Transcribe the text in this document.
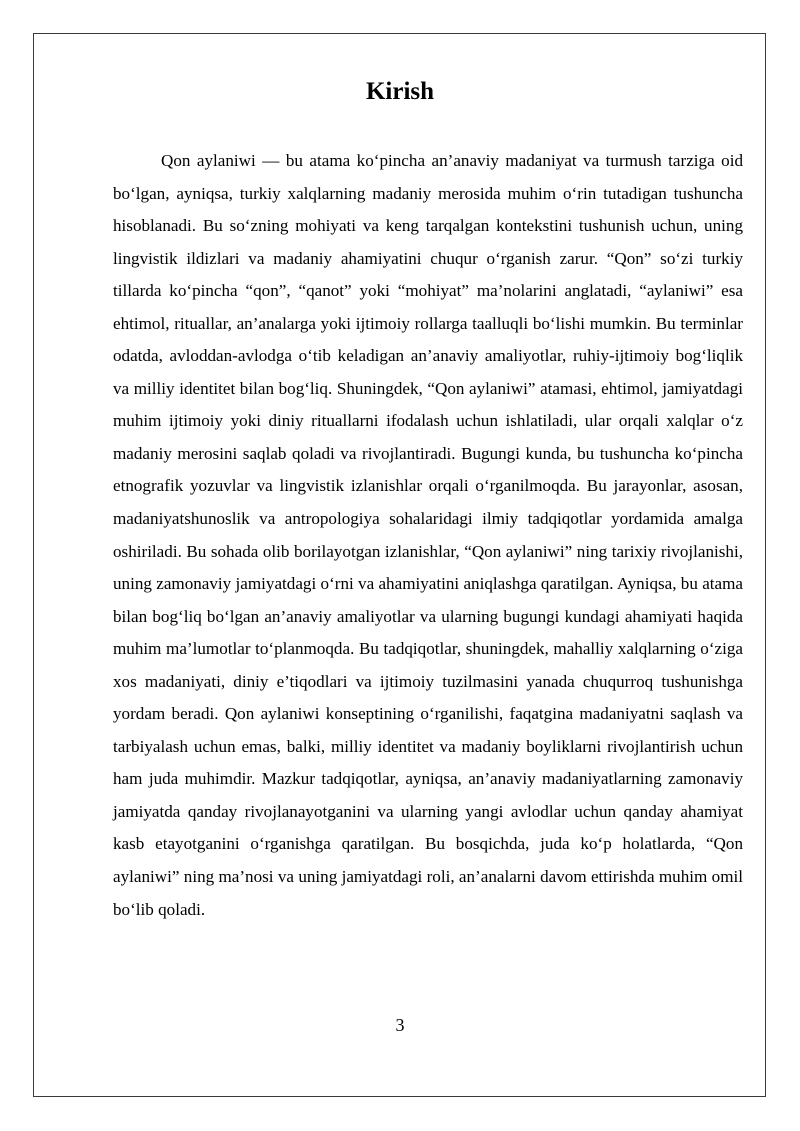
Kirish

Qon aylaniwi — bu atama ko‘pincha an’anaviy madaniyat va turmush tarziga oid bo‘lgan, ayniqsa, turkiy xalqlarning madaniy merosida muhim o‘rin tutadigan tushuncha hisoblanadi. Bu so‘zning mohiyati va keng tarqalgan kontekstini tushunish uchun, uning lingvistik ildizlari va madaniy ahamiyatini chuqur o‘rganish zarur. “Qon” so‘zi turkiy tillarda ko‘pincha “qon”, “qanot” yoki “mohiyat” ma’nolarini anglatadi, “aylaniwi” esa ehtimol, rituallar, an’analarga yoki ijtimoiy rollarga taalluqli bo‘lishi mumkin. Bu terminlar odatda, avloddan-avlodga o‘tib keladigan an’anaviy amaliyotlar, ruhiy-ijtimoiy bog‘liqlik va milliy identitet bilan bog‘liq. Shuningdek, “Qon aylaniwi” atamasi, ehtimol, jamiyatdagi muhim ijtimoiy yoki diniy rituallarni ifodalash uchun ishlatiladi, ular orqali xalqlar o‘z madaniy merosini saqlab qoladi va rivojlantiradi. Bugungi kunda, bu tushuncha ko‘pincha etnografik yozuvlar va lingvistik izlanishlar orqali o‘rganilmoqda. Bu jarayonlar, asosan, madaniyatshunoslik va antropologiya sohalaridagi ilmiy tadqiqotlar yordamida amalga oshiriladi. Bu sohada olib borilayotgan izlanishlar, “Qon aylaniwi” ning tarixiy rivojlanishi, uning zamonaviy jamiyatdagi o‘rni va ahamiyatini aniqlashga qaratilgan. Ayniqsa, bu atama bilan bog‘liq bo‘lgan an’anaviy amaliyotlar va ularning bugungi kundagi ahamiyati haqida muhim ma’lumotlar to‘planmoqda. Bu tadqiqotlar, shuningdek, mahalliy xalqlarning o‘ziga xos madaniyati, diniy e’tiqodlari va ijtimoiy tuzilmasini yanada chuqurroq tushunishga yordam beradi. Qon aylaniwi konseptining o‘rganilishi, faqatgina madaniyatni saqlash va tarbiyalash uchun emas, balki, milliy identitet va madaniy boyliklarni rivojlantirish uchun ham juda muhimdir. Mazkur tadqiqotlar, ayniqsa, an’anaviy madaniyatlarning zamonaviy jamiyatda qanday rivojlanayotganini va ularning yangi avlodlar uchun qanday ahamiyat kasb etayotganini o‘rganishga qaratilgan. Bu bosqichda, juda ko‘p holatlarda, “Qon aylaniwi” ning ma’nosi va uning jamiyatdagi roli, an’analarni davom ettirishda muhim omil bo‘lib qoladi.

3
